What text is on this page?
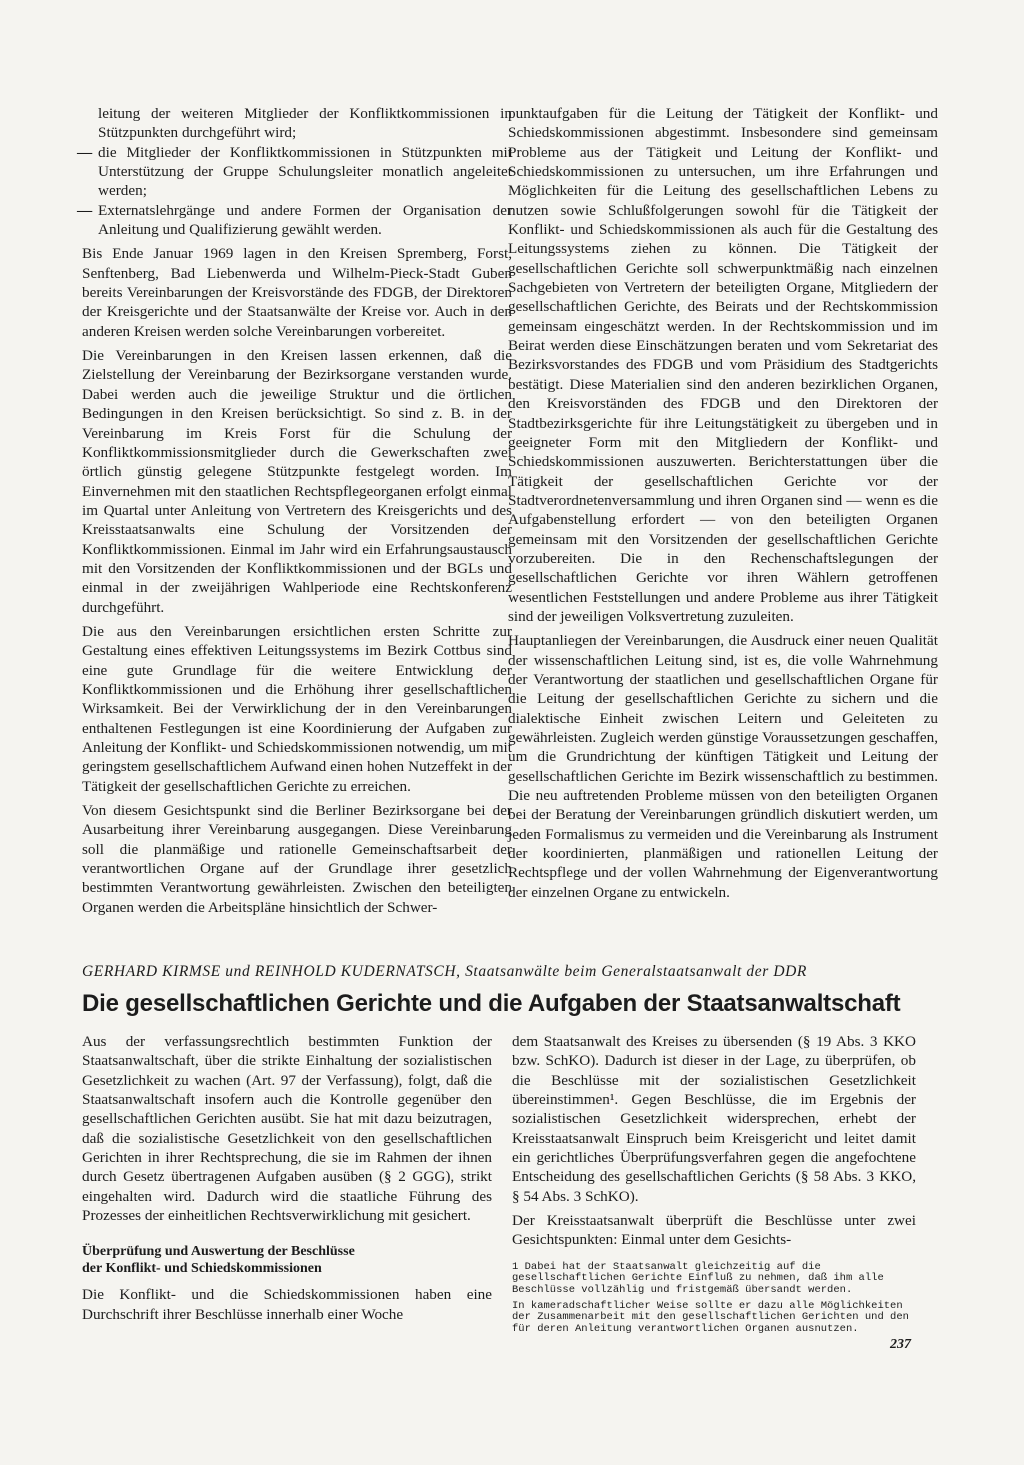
leitung der weiteren Mitglieder der Konfliktkommissionen in Stützpunkten durchgeführt wird;
— die Mitglieder der Konfliktkommissionen in Stützpunkten mit Unterstützung der Gruppe Schulungsleiter monatlich angeleitet werden;
— Externatslehrgänge und andere Formen der Organisation der Anleitung und Qualifizierung gewählt werden.

Bis Ende Januar 1969 lagen in den Kreisen Spremberg, Forst, Senftenberg, Bad Liebenwerda und Wilhelm-Pieck-Stadt Guben bereits Vereinbarungen der Kreisvorstände des FDGB, der Direktoren der Kreisgerichte und der Staatsanwälte der Kreise vor. Auch in den anderen Kreisen werden solche Vereinbarungen vorbereitet.

Die Vereinbarungen in den Kreisen lassen erkennen, daß die Zielstellung der Vereinbarung der Bezirksorgane verstanden wurde. Dabei werden auch die jeweilige Struktur und die örtlichen Bedingungen in den Kreisen berücksichtigt. So sind z. B. in der Vereinbarung im Kreis Forst für die Schulung der Konfliktkommissionsmitglieder durch die Gewerkschaften zwei örtlich günstig gelegene Stützpunkte festgelegt worden. Im Einvernehmen mit den staatlichen Rechtspflegeorganen erfolgt einmal im Quartal unter Anleitung von Vertretern des Kreisgerichts und des Kreisstaatsanwalts eine Schulung der Vorsitzenden der Konfliktkommissionen. Einmal im Jahr wird ein Erfahrungsaustausch mit den Vorsitzenden der Konfliktkommissionen und der BGLs und einmal in der zweijährigen Wahlperiode eine Rechtskonferenz durchgeführt.

Die aus den Vereinbarungen ersichtlichen ersten Schritte zur Gestaltung eines effektiven Leitungssystems im Bezirk Cottbus sind eine gute Grundlage für die weitere Entwicklung der Konfliktkommissionen und die Erhöhung ihrer gesellschaftlichen Wirksamkeit. Bei der Verwirklichung der in den Vereinbarungen enthaltenen Festlegungen ist eine Koordinierung der Aufgaben zur Anleitung der Konflikt- und Schiedskommissionen notwendig, um mit geringstem gesellschaftlichem Aufwand einen hohen Nutzeffekt in der Tätigkeit der gesellschaftlichen Gerichte zu erreichen.

Von diesem Gesichtspunkt sind die Berliner Bezirksorgane bei der Ausarbeitung ihrer Vereinbarung ausgegangen. Diese Vereinbarung soll die planmäßige und rationelle Gemeinschaftsarbeit der verantwortlichen Organe auf der Grundlage ihrer gesetzlich bestimmten Verantwortung gewährleisten. Zwischen den beteiligten Organen werden die Arbeitspläne hinsichtlich der Schwer-

punktaufgaben für die Leitung der Tätigkeit der Konflikt- und Schiedskommissionen abgestimmt. Insbesondere sind gemeinsam Probleme aus der Tätigkeit und Leitung der Konflikt- und Schiedskommissionen zu untersuchen, um ihre Erfahrungen und Möglichkeiten für die Leitung des gesellschaftlichen Lebens zu nutzen sowie Schlußfolgerungen sowohl für die Tätigkeit der Konflikt- und Schiedskommissionen als auch für die Gestaltung des Leitungssystems ziehen zu können. Die Tätigkeit der gesellschaftlichen Gerichte soll schwerpunktmäßig nach einzelnen Sachgebieten von Vertretern der beteiligten Organe, Mitgliedern der gesellschaftlichen Gerichte, des Beirats und der Rechtskommission gemeinsam eingeschätzt werden. In der Rechtskommission und im Beirat werden diese Einschätzungen beraten und vom Sekretariat des Bezirksvorstandes des FDGB und vom Präsidium des Stadtgerichts bestätigt. Diese Materialien sind den anderen bezirklichen Organen, den Kreisvorständen des FDGB und den Direktoren der Stadtbezirksgerichte für ihre Leitungstätigkeit zu übergeben und in geeigneter Form mit den Mitgliedern der Konflikt- und Schiedskommissionen auszuwerten. Berichterstattungen über die Tätigkeit der gesellschaftlichen Gerichte vor der Stadtverordnetenversammlung und ihren Organen sind — wenn es die Aufgabenstellung erfordert — von den beteiligten Organen gemeinsam mit den Vorsitzenden der gesellschaftlichen Gerichte vorzubereiten. Die in den Rechenschaftslegungen der gesellschaftlichen Gerichte vor ihren Wählern getroffenen wesentlichen Feststellungen und andere Probleme aus ihrer Tätigkeit sind der jeweiligen Volksvertretung zuzuleiten.

Hauptanliegen der Vereinbarungen, die Ausdruck einer neuen Qualität der wissenschaftlichen Leitung sind, ist es, die volle Wahrnehmung der Verantwortung der staatlichen und gesellschaftlichen Organe für die Leitung der gesellschaftlichen Gerichte zu sichern und die dialektische Einheit zwischen Leitern und Geleiteten zu gewährleisten. Zugleich werden günstige Voraussetzungen geschaffen, um die Grundrichtung der künftigen Tätigkeit und Leitung der gesellschaftlichen Gerichte im Bezirk wissenschaftlich zu bestimmen. Die neu auftretenden Probleme müssen von den beteiligten Organen bei der Beratung der Vereinbarungen gründlich diskutiert werden, um jeden Formalismus zu vermeiden und die Vereinbarung als Instrument der koordinierten, planmäßigen und rationellen Leitung der Rechtspflege und der vollen Wahrnehmung der Eigenverantwortung der einzelnen Organe zu entwickeln.

GERHARD KIRMSE und REINHOLD KUDERNATSCH, Staatsanwälte beim Generalstaatsanwalt der DDR
Die gesellschaftlichen Gerichte und die Aufgaben der Staatsanwaltschaft

Aus der verfassungsrechtlich bestimmten Funktion der Staatsanwaltschaft, über die strikte Einhaltung der sozialistischen Gesetzlichkeit zu wachen (Art. 97 der Verfassung), folgt, daß die Staatsanwaltschaft insofern auch die Kontrolle gegenüber den gesellschaftlichen Gerichten ausübt. Sie hat mit dazu beizutragen, daß die sozialistische Gesetzlichkeit von den gesellschaftlichen Gerichten in ihrer Rechtsprechung, die sie im Rahmen der ihnen durch Gesetz übertragenen Aufgaben ausüben (§ 2 GGG), strikt eingehalten wird. Dadurch wird die staatliche Führung des Prozesses der einheitlichen Rechtsverwirklichung mit gesichert.

Überprüfung und Auswertung der Beschlüsse
der Konflikt- und Schiedskommissionen

Die Konflikt- und die Schiedskommissionen haben eine Durchschrift ihrer Beschlüsse innerhalb einer Woche

dem Staatsanwalt des Kreises zu übersenden (§ 19 Abs. 3 KKO bzw. SchKO). Dadurch ist dieser in der Lage, zu überprüfen, ob die Beschlüsse mit der sozialistischen Gesetzlichkeit übereinstimmen¹. Gegen Beschlüsse, die im Ergebnis der sozialistischen Gesetzlichkeit widersprechen, erhebt der Kreisstaatsanwalt Einspruch beim Kreisgericht und leitet damit ein gerichtliches Überprüfungsverfahren gegen die angefochtene Entscheidung des gesellschaftlichen Gerichts (§ 58 Abs. 3 KKO, § 54 Abs. 3 SchKO).

Der Kreisstaatsanwalt überprüft die Beschlüsse unter zwei Gesichtspunkten: Einmal unter dem Gesichts-

1 Dabei hat der Staatsanwalt gleichzeitig auf die gesellschaftlichen Gerichte Einfluß zu nehmen, daß ihm alle Beschlüsse vollzählig und fristgemäß übersandt werden.

In kameradschaftlicher Weise sollte er dazu alle Möglichkeiten der Zusammenarbeit mit den gesellschaftlichen Gerichten und den für deren Anleitung verantwortlichen Organen ausnutzen.

237
